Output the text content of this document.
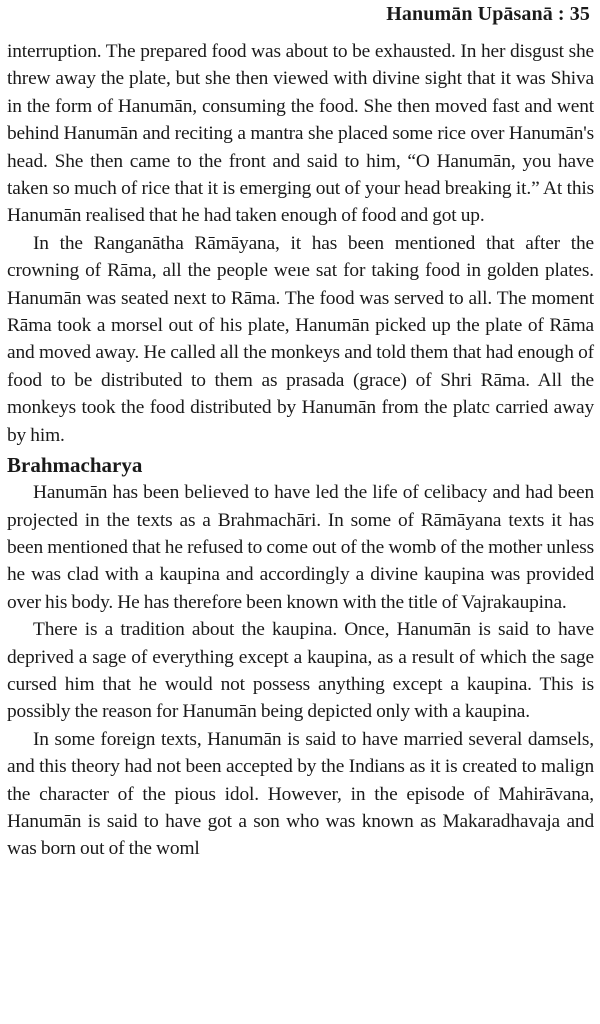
Hanumān Upāsanā : 35

interruption. The prepared food was about to be exhausted. In her disgust she threw away the plate, but she then viewed with divine sight that it was Shiva in the form of Hanumān, consuming the food. She then moved fast and went behind Hanumān and reciting a mantra she placed some rice over Hanumān's head. She then came to the front and said to him, “O Hanumān, you have taken so much of rice that it is emerging out of your head breaking it.” At this Hanumān realised that he had taken enough of food and got up.

In the Ranganātha Rāmāyana, it has been mentioned that after the crowning of Rāma, all the people weıe sat for taking food in golden plates. Hanumān was seated next to Rāma. The food was served to all. The moment Rāma took a morsel out of his plate, Hanumān picked up the plate of Rāma and moved away. He called all the monkeys and told them that had enough of food to be distributed to them as prasada (grace) of Shri Rāma. All the monkeys took the food distributed by Hanumān from the platc carried away by him.

Brahmacharya

Hanumān has been believed to have led the life of celibacy and had been projected in the texts as a Brahmachāri. In some of Rāmāyana texts it has been mentioned that he refused to come out of the womb of the mother unless he was clad with a kaupina and accordingly a divine kaupina was provided over his body. He has therefore been known with the title of Vajrakaupina.

There is a tradition about the kaupina. Once, Hanumān is said to have deprived a sage of everything except a kaupina, as a result of which the sage cursed him that he would not possess anything except a kaupina. This is possibly the reason for Hanumān being depicted only with a kaupina.

In some foreign texts, Hanumān is said to have married several damsels, and this theory had not been accepted by the Indians as it is created to malign the character of the pious idol. However, in the episode of Mahirāvana, Hanumān is said to have got a son who was known as Makaradhavaja and was born out of the woml
